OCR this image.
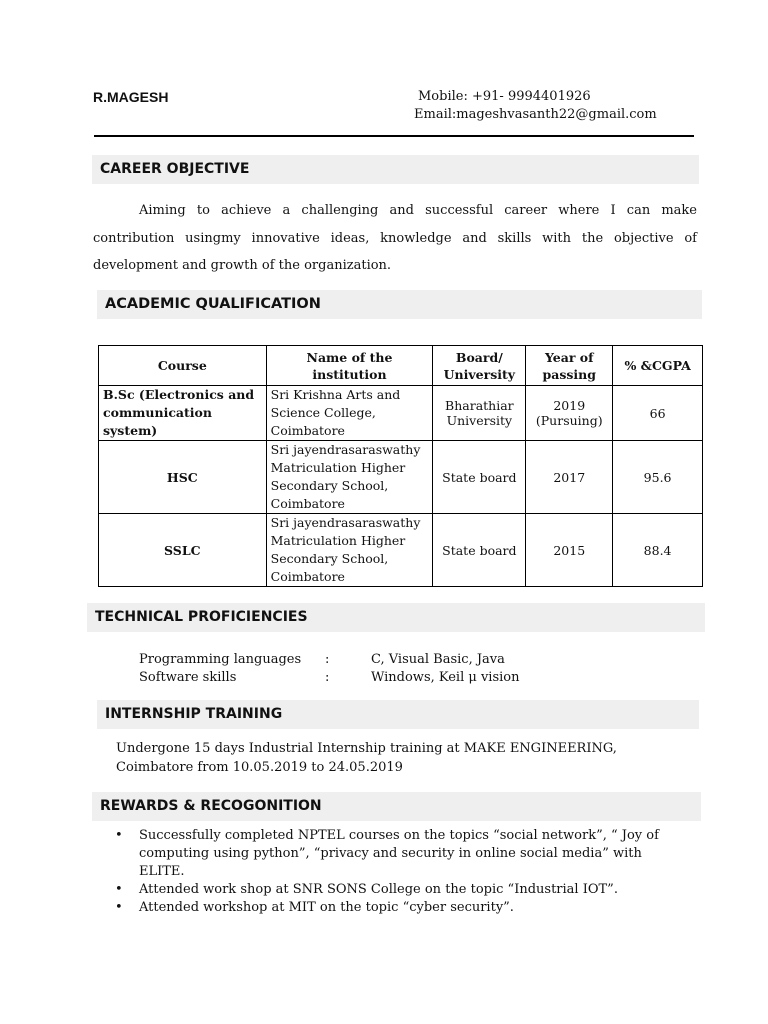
R.MAGESH	Mobile: +91- 9994401926
Email:mageshvasanth22@gmail.com
CAREER OBJECTIVE
Aiming to achieve a challenging and successful career where I can make contribution usingmy innovative ideas, knowledge and skills with the objective of development and growth of the organization.
ACADEMIC QUALIFICATION
Course	Name of the institution	Board/ University	Year of passing	% &CGPA
B.Sc (Electronics and communication system)	Sri Krishna Arts and Science College, Coimbatore	Bharathiar University	2019 (Pursuing)	66
HSC	Sri jayendrasaraswathy Matriculation Higher Secondary School, Coimbatore	State board	2017	95.6
SSLC	Sri jayendrasaraswathy Matriculation Higher Secondary School, Coimbatore	State board	2015	88.4
TECHNICAL PROFICIENCIES
Programming languages :	C, Visual Basic, Java
Software skills	:	Windows, Keil μ vision
INTERNSHIP TRAINING
Undergone 15 days Industrial Internship training at MAKE ENGINEERING, Coimbatore from 10.05.2019 to 24.05.2019
REWARDS & RECOGONITION
• Successfully completed NPTEL courses on the topics “social network”, “ Joy of computing using python”, “privacy and security in online social media” with ELITE.
• Attended work shop at SNR SONS College on the topic “Industrial IOT”.
• Attended workshop at MIT on the topic “cyber security”.
